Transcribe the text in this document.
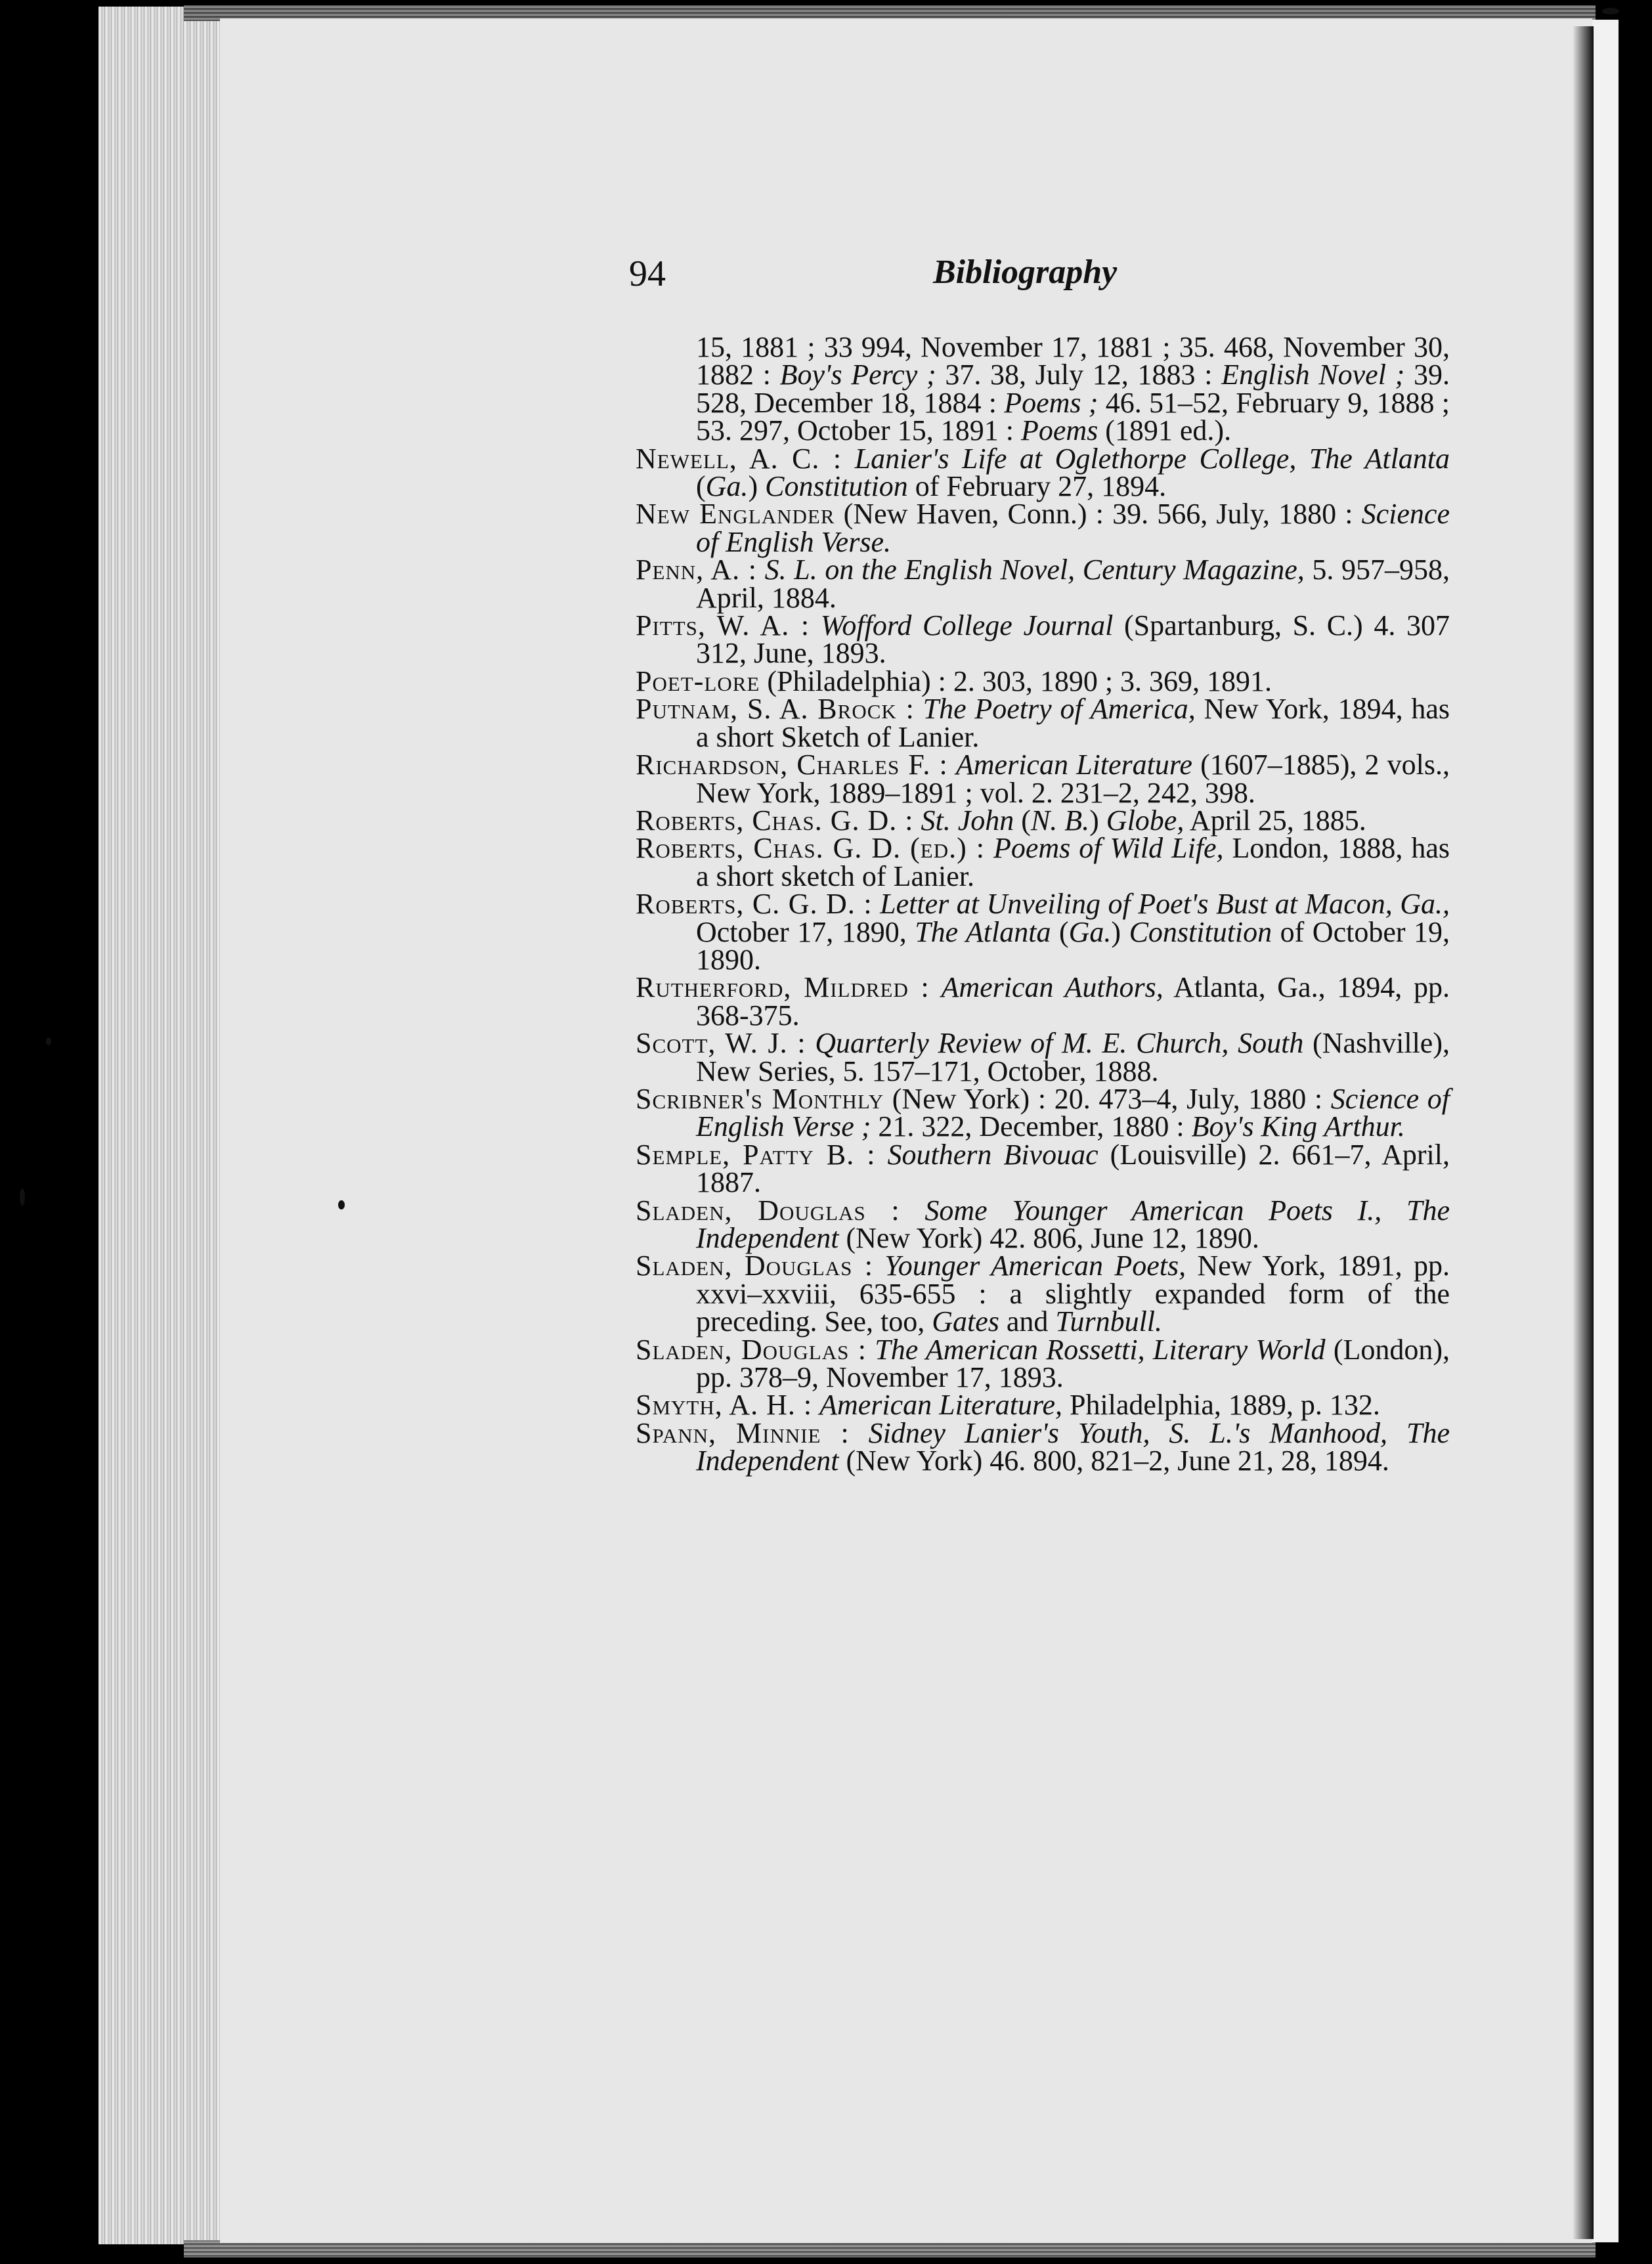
94	Bibliography

15, 1881 ; 33 994, November 17, 1881 ; 35. 468, November 30, 1882 : Boy's Percy ; 37. 38, July 12, 1883 : English Novel ; 39. 528, December 18, 1884 : Poems ; 46. 51–52, February 9, 1888 ; 53. 297, October 15, 1891 : Poems (1891 ed.).

Newell, A. C. : Lanier's Life at Oglethorpe College, The Atlanta (Ga.) Constitution of February 27, 1894.

New Englander (New Haven, Conn.) : 39. 566, July, 1880 : Science of English Verse.

Penn, A. : S. L. on the English Novel, Century Magazine, 5. 957–958, April, 1884.

Pitts, W. A. : Wofford College Journal (Spartanburg, S. C.) 4. 307 312, June, 1893.

Poet-lore (Philadelphia) : 2. 303, 1890 ; 3. 369, 1891.

Putnam, S. A. Brock : The Poetry of America, New York, 1894, has a short Sketch of Lanier.

Richardson, Charles F. : American Literature (1607–1885), 2 vols., New York, 1889–1891 ; vol. 2. 231–2, 242, 398.

Roberts, Chas. G. D. : St. John (N. B.) Globe, April 25, 1885.

Roberts, Chas. G. D. (ed.) : Poems of Wild Life, London, 1888, has a short sketch of Lanier.

Roberts, C. G. D. : Letter at Unveiling of Poet's Bust at Macon, Ga., October 17, 1890, The Atlanta (Ga.) Constitution of October 19, 1890.

Rutherford, Mildred : American Authors, Atlanta, Ga., 1894, pp. 368-375.

Scott, W. J. : Quarterly Review of M. E. Church, South (Nashville), New Series, 5. 157–171, October, 1888.

Scribner's Monthly (New York) : 20. 473–4, July, 1880 : Science of English Verse ; 21. 322, December, 1880 : Boy's King Arthur.

Semple, Patty B. : Southern Bivouac (Louisville) 2. 661–7, April, 1887.

Sladen, Douglas : Some Younger American Poets I., The Independent (New York) 42. 806, June 12, 1890.

Sladen, Douglas : Younger American Poets, New York, 1891, pp. xxvi–xxviii, 635-655 : a slightly expanded form of the preceding. See, too, Gates and Turnbull.

Sladen, Douglas : The American Rossetti, Literary World (London), pp. 378–9, November 17, 1893.

Smyth, A. H. : American Literature, Philadelphia, 1889, p. 132.

Spann, Minnie : Sidney Lanier's Youth, S. L.'s Manhood, The Independent (New York) 46. 800, 821–2, June 21, 28, 1894.
